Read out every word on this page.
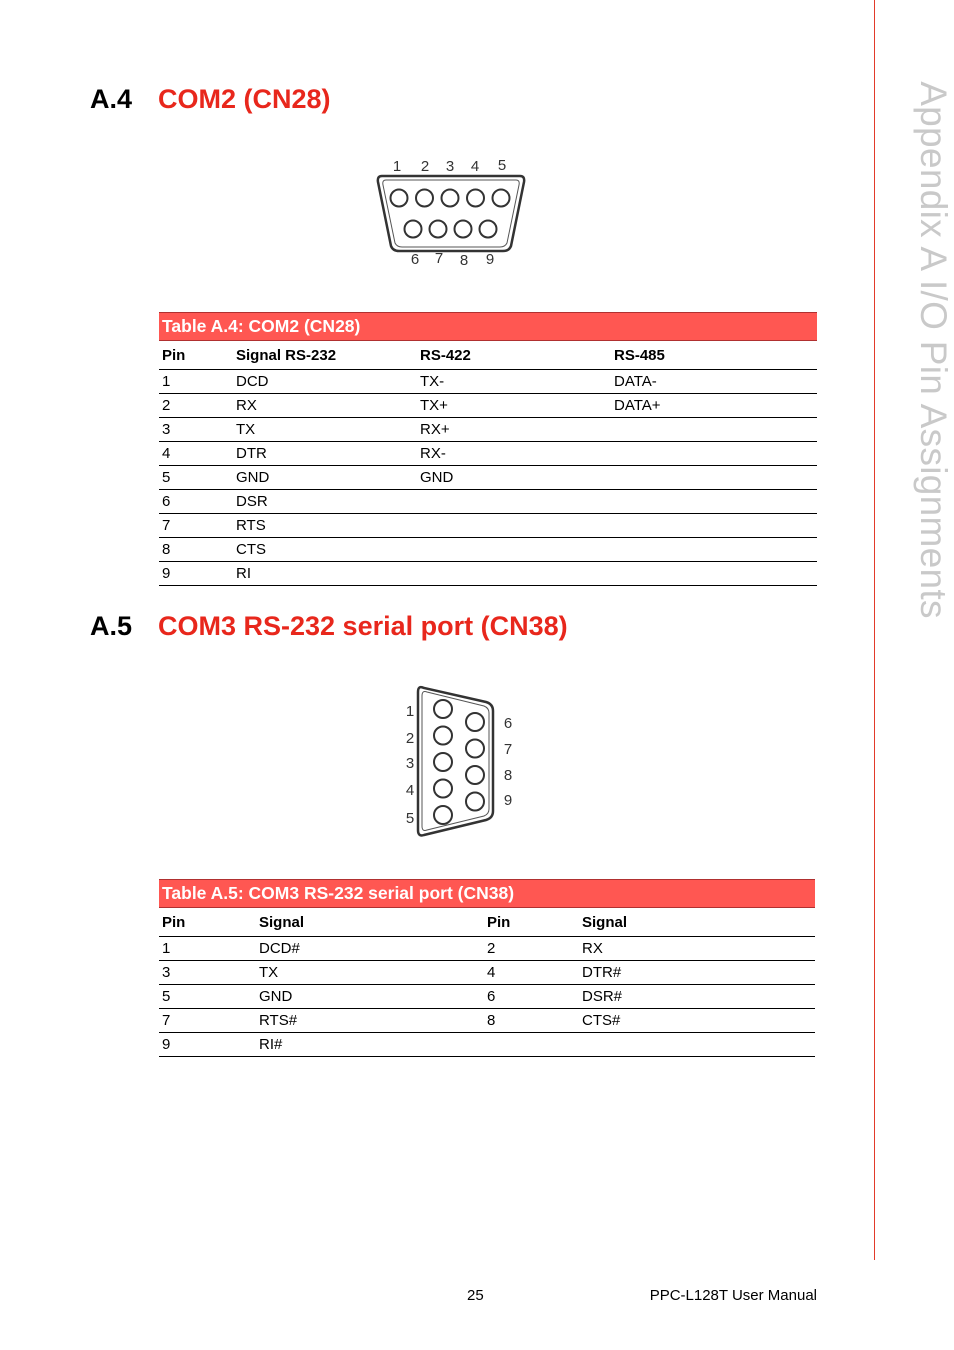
Appendix A I/O Pin Assignments
A.4 COM2 (CN28)
1 2 3 4 5
6 7 8 9
Table A.4: COM2 (CN28)			
Pin	Signal RS-232	RS-422	RS-485
1	DCD	TX-	DATA-
2	RX	TX+	DATA+
3	TX	RX+	
4	DTR	RX-	
5	GND	GND	
6	DSR		
7	RTS		
8	CTS		
9	RI		
A.5 COM3 RS-232 serial port (CN38)
1
2
3
4
5
6
7
8
9
Table A.5: COM3 RS-232 serial port (CN38)			
Pin	Signal	Pin	Signal
1	DCD#	2	RX
3	TX	4	DTR#
5	GND	6	DSR#
7	RTS#	8	CTS#
9	RI#		
25	PPC-L128T User Manual
